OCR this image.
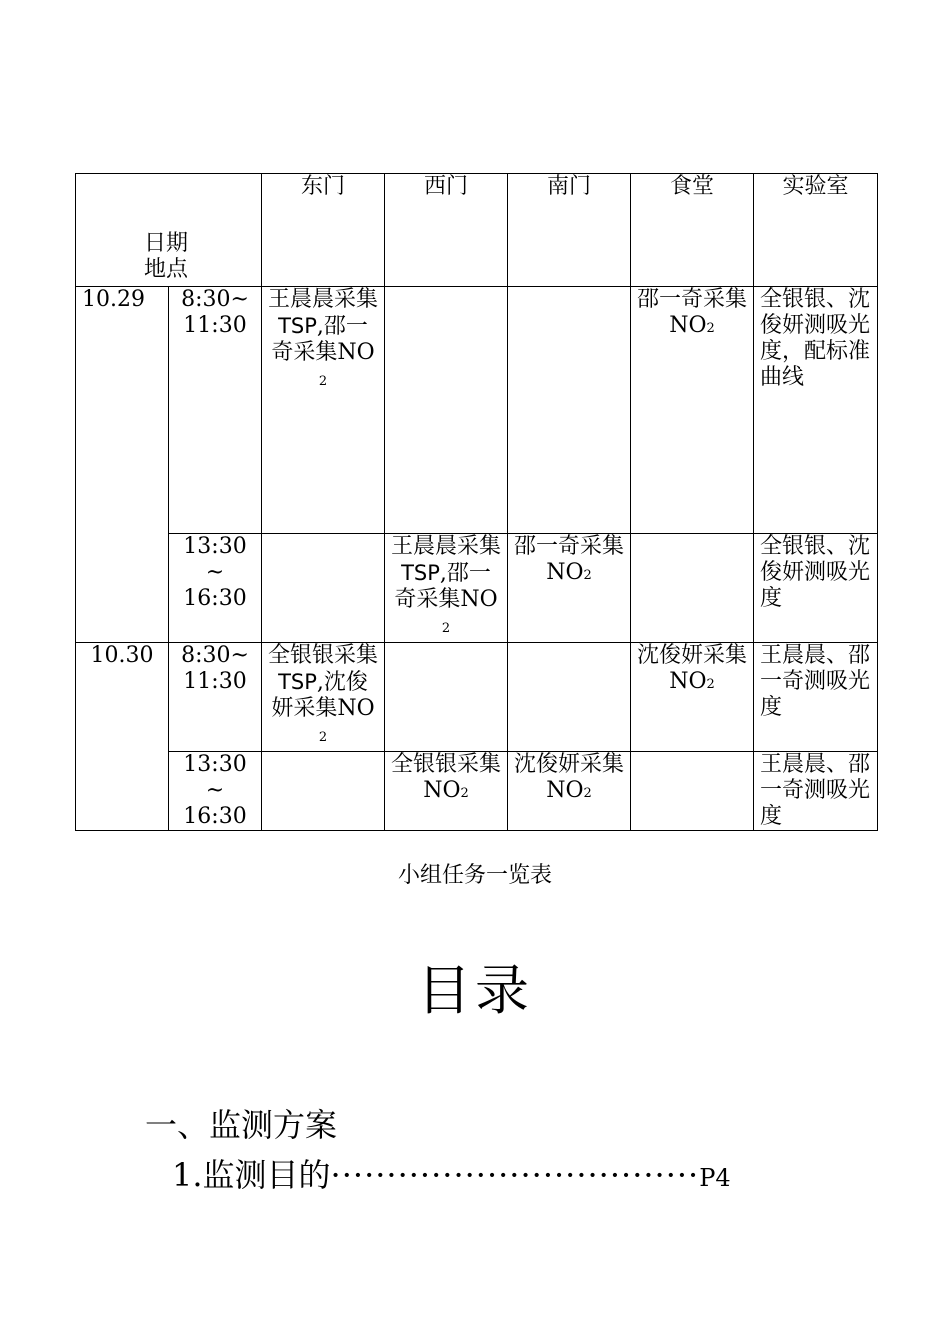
日期
地点		东门	西门	南门	食堂	实验室
10.29	8:30~
11:30	王晨晨采集TSP,邵一奇采集NO2			邵一奇采集NO2	全银银、沈俊妍测吸光度，配标准曲线

	13:30~
16:30		王晨晨采集TSP,邵一奇采集NO2	邵一奇采集NO2		全银银、沈俊妍测吸光度
10.30	8:30~
11:30	全银银采集TSP,沈俊妍采集NO2			沈俊妍采集NO2	王晨晨、邵一奇测吸光度

	13:30~
16:30		全银银采集NO2	沈俊妍采集NO2		王晨晨、邵一奇测吸光度
小组任务一览表
目录
一、监测方案
1.监测目的·································P4
